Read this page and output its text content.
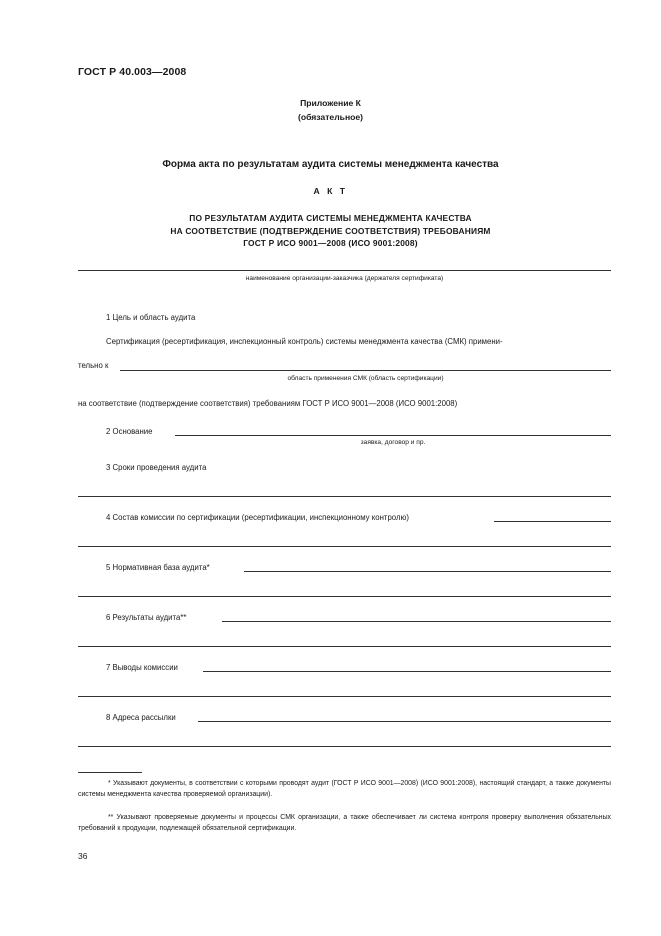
ГОСТ Р 40.003—2008
Приложение К
(обязательное)
Форма акта по результатам аудита системы менеджмента качества
А К Т
ПО РЕЗУЛЬТАТАМ АУДИТА СИСТЕМЫ МЕНЕДЖМЕНТА КАЧЕСТВА
НА СООТВЕТСТВИЕ (ПОДТВЕРЖДЕНИЕ СООТВЕТСТВИЯ) ТРЕБОВАНИЯМ
ГОСТ Р ИСО 9001—2008 (ИСО 9001:2008)
наименование организации-заказчика (держателя сертификата)
1 Цель и область аудита
Сертификация (ресертификация, инспекционный контроль) системы менеджмента качества (СМК) примени-
тельно к
область применения СМК (область сертификации)
на соответствие (подтверждение соответствия) требованиям ГОСТ Р ИСО 9001—2008 (ИСО 9001:2008)
2 Основание
заявка, договор и пр.
3 Сроки проведения аудита
4 Состав комиссии по сертификации (ресертификации, инспекционному контролю)
5 Нормативная база аудита*
6 Результаты аудита**
7 Выводы комиссии
8 Адреса рассылки
* Указывают документы, в соответствии с которыми проводят аудит (ГОСТ Р ИСО 9001—2008) (ИСО 9001:2008), настоящий стандарт, а также документы системы менеджмента качества проверяемой организации).
** Указывают проверяемые документы и процессы СМК организации, а также обеспечивает ли система контроля проверку выполнения обязательных требований к продукции, подлежащей обязательной сертификации.
36
